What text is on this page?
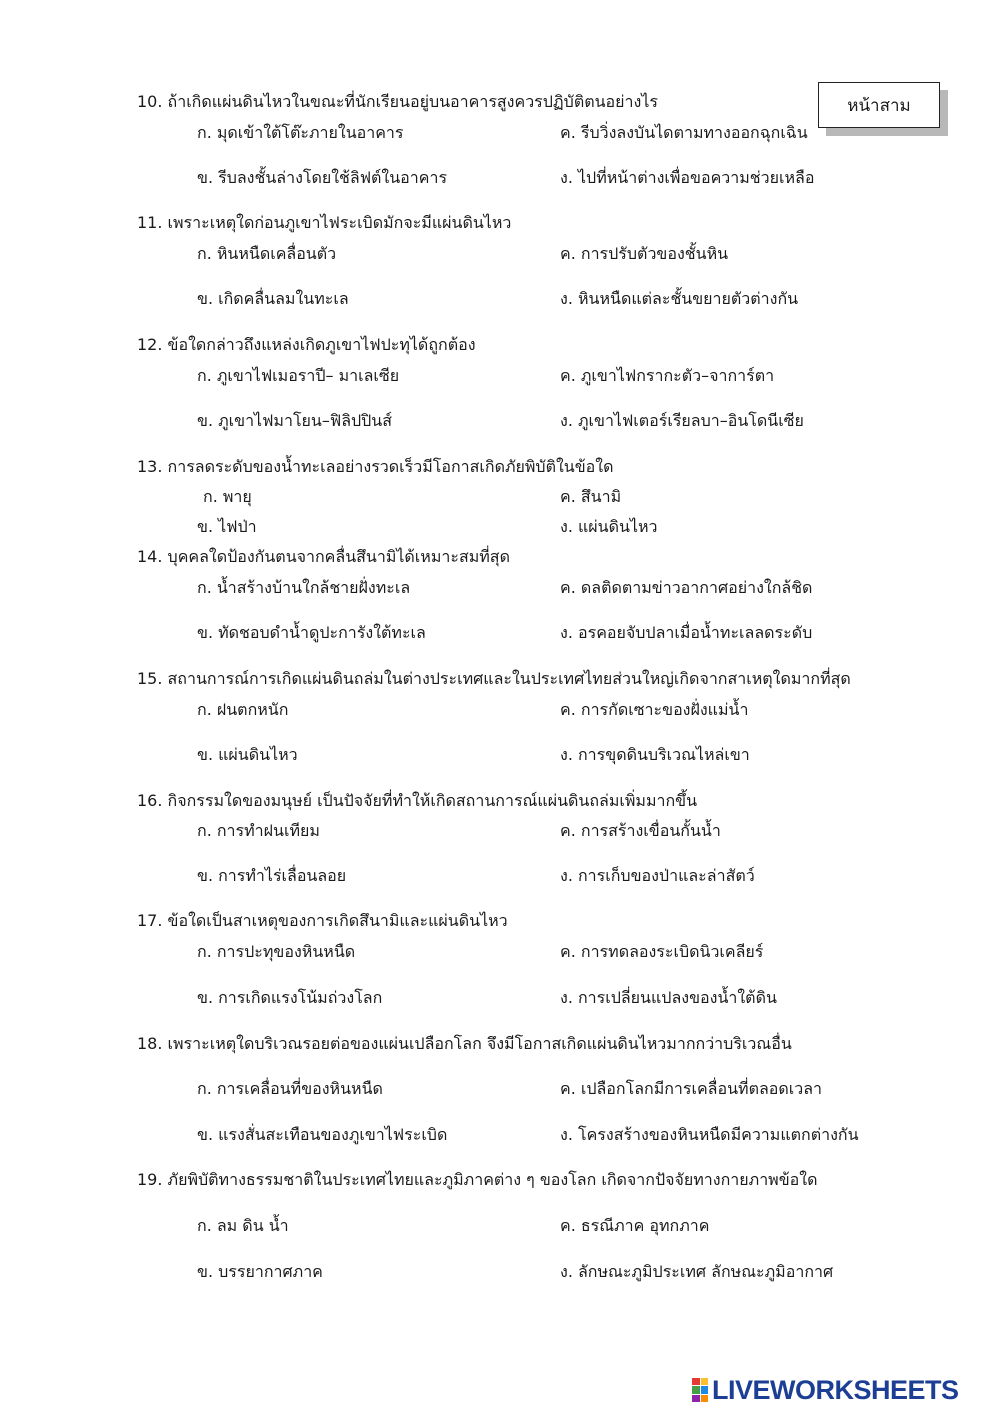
หน้าสาม
10. ถ้าเกิดแผ่นดินไหวในขณะที่นักเรียนอยู่บนอาคารสูงควรปฏิบัติตนอย่างไร
ก. มุดเข้าใต้โต๊ะภายในอาคาร	ค. รีบวิ่งลงบันไดตามทางออกฉุกเฉิน
ข. รีบลงชั้นล่างโดยใช้ลิฟต์ในอาคาร	ง. ไปที่หน้าต่างเพื่อขอความช่วยเหลือ
11. เพราะเหตุใดก่อนภูเขาไฟระเบิดมักจะมีแผ่นดินไหว
ก. หินหนืดเคลื่อนตัว	ค. การปรับตัวของชั้นหิน
ข. เกิดคลื่นลมในทะเล	ง. หินหนืดแต่ละชั้นขยายตัวต่างกัน
12. ข้อใดกล่าวถึงแหล่งเกิดภูเขาไฟปะทุได้ถูกต้อง
ก. ภูเขาไฟเมอราปี– มาเลเซีย	ค. ภูเขาไฟกรากะตัว–จาการ์ตา
ข. ภูเขาไฟมาโยน–ฟิลิปปินส์	ง. ภูเขาไฟเตอร์เรียลบา–อินโดนีเซีย
13. การลดระดับของน้ำทะเลอย่างรวดเร็วมีโอกาสเกิดภัยพิบัติในข้อใด
ก. พายุ	ค. สึนามิ
ข. ไฟป่า	ง. แผ่นดินไหว
14. บุคคลใดป้องกันตนจากคลื่นสึนามิได้เหมาะสมที่สุด
ก. น้ำสร้างบ้านใกล้ชายฝั่งทะเล	ค. ดลติดตามข่าวอากาศอย่างใกล้ชิด
ข. ทัดชอบดำน้ำดูปะการังใต้ทะเล	ง. อรคอยจับปลาเมื่อน้ำทะเลลดระดับ
15. สถานการณ์การเกิดแผ่นดินถล่มในต่างประเทศและในประเทศไทยส่วนใหญ่เกิดจากสาเหตุใดมากที่สุด
ก. ฝนตกหนัก	ค. การกัดเซาะของฝั่งแม่น้ำ
ข. แผ่นดินไหว	ง. การขุดดินบริเวณไหล่เขา
16. กิจกรรมใดของมนุษย์ เป็นปัจจัยที่ทำให้เกิดสถานการณ์แผ่นดินถล่มเพิ่มมากขึ้น
ก. การทำฝนเทียม	ค. การสร้างเขื่อนกั้นน้ำ
ข. การทำไร่เลื่อนลอย	ง. การเก็บของป่าและล่าสัตว์
17. ข้อใดเป็นสาเหตุของการเกิดสึนามิและแผ่นดินไหว
ก. การปะทุของหินหนืด	ค. การทดลองระเบิดนิวเคลียร์
ข. การเกิดแรงโน้มถ่วงโลก	ง. การเปลี่ยนแปลงของน้ำใต้ดิน
18. เพราะเหตุใดบริเวณรอยต่อของแผ่นเปลือกโลก จึงมีโอกาสเกิดแผ่นดินไหวมากกว่าบริเวณอื่น
ก. การเคลื่อนที่ของหินหนืด	ค. เปลือกโลกมีการเคลื่อนที่ตลอดเวลา
ข. แรงสั่นสะเทือนของภูเขาไฟระเบิด	ง. โครงสร้างของหินหนืดมีความแตกต่างกัน
19. ภัยพิบัติทางธรรมชาติในประเทศไทยและภูมิภาคต่าง ๆ ของโลก เกิดจากปัจจัยทางกายภาพข้อใด
ก. ลม ดิน น้ำ	ค. ธรณีภาค อุทกภาค
ข. บรรยากาศภาค	ง. ลักษณะภูมิประเทศ ลักษณะภูมิอากาศ
LIVEWORKSHEETS
